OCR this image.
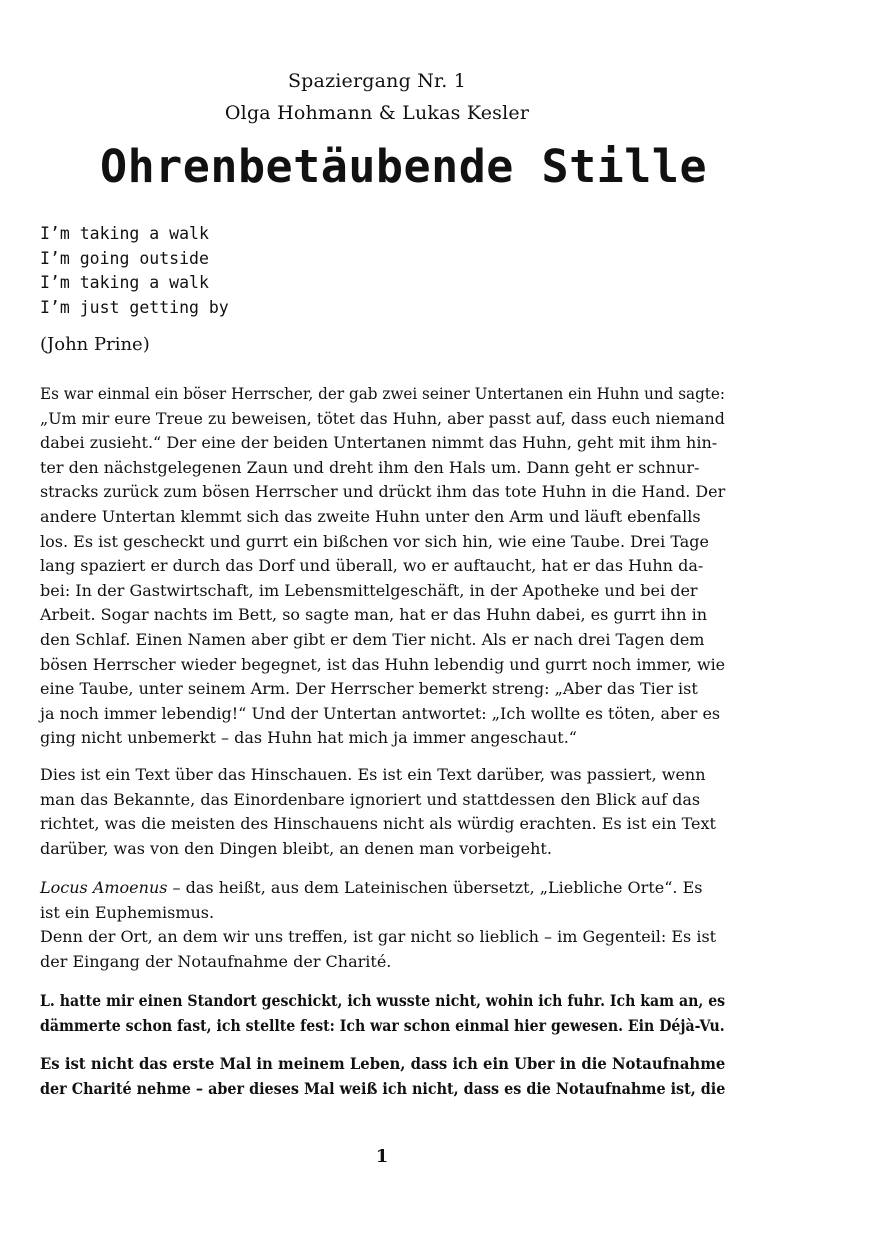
Spaziergang Nr. 1
Olga Hohmann & Lukas Kesler
Ohrenbetäubende Stille
I’m taking a walk
I’m going outside
I’m taking a walk
I’m just getting by
(John Prine)
Es war einmal ein böser Herrscher, der gab zwei seiner Untertanen ein Huhn und sagte:
„Um mir eure Treue zu beweisen, tötet das Huhn, aber passt auf, dass euch niemand
dabei zusieht.“ Der eine der beiden Untertanen nimmt das Huhn, geht mit ihm hin-
ter den nächstgelegenen Zaun und dreht ihm den Hals um. Dann geht er schnur-
stracks zurück zum bösen Herrscher und drückt ihm das tote Huhn in die Hand. Der
andere Untertan klemmt sich das zweite Huhn unter den Arm und läuft ebenfalls
los. Es ist gescheckt und gurrt ein bißchen vor sich hin, wie eine Taube. Drei Tage
lang spaziert er durch das Dorf und überall, wo er auftaucht, hat er das Huhn da-
bei: In der Gastwirtschaft, im Lebensmittelgeschäft, in der Apotheke und bei der
Arbeit. Sogar nachts im Bett, so sagte man, hat er das Huhn dabei, es gurrt ihn in
den Schlaf. Einen Namen aber gibt er dem Tier nicht. Als er nach drei Tagen dem
bösen Herrscher wieder begegnet, ist das Huhn lebendig und gurrt noch immer, wie
eine Taube, unter seinem Arm. Der Herrscher bemerkt streng: „Aber das Tier ist
ja noch immer lebendig!“ Und der Untertan antwortet: „Ich wollte es töten, aber es
ging nicht unbemerkt – das Huhn hat mich ja immer angeschaut.“
Dies ist ein Text über das Hinschauen. Es ist ein Text darüber, was passiert, wenn
man das Bekannte, das Einordenbare ignoriert und stattdessen den Blick auf das
richtet, was die meisten des Hinschauens nicht als würdig erachten. Es ist ein Text
darüber, was von den Dingen bleibt, an denen man vorbeigeht.
Locus Amoenus – das heißt, aus dem Lateinischen übersetzt, „Liebliche Orte“. Es
ist ein Euphemismus.
Denn der Ort, an dem wir uns treffen, ist gar nicht so lieblich – im Gegenteil: Es ist
der Eingang der Notaufnahme der Charité.
L. hatte mir einen Standort geschickt, ich wusste nicht, wohin ich fuhr. Ich kam an, es
dämmerte schon fast, ich stellte fest: Ich war schon einmal hier gewesen. Ein Déjà-Vu.
Es ist nicht das erste Mal in meinem Leben, dass ich ein Uber in die Notaufnahme
der Charité nehme – aber dieses Mal weiß ich nicht, dass es die Notaufnahme ist, die
1
